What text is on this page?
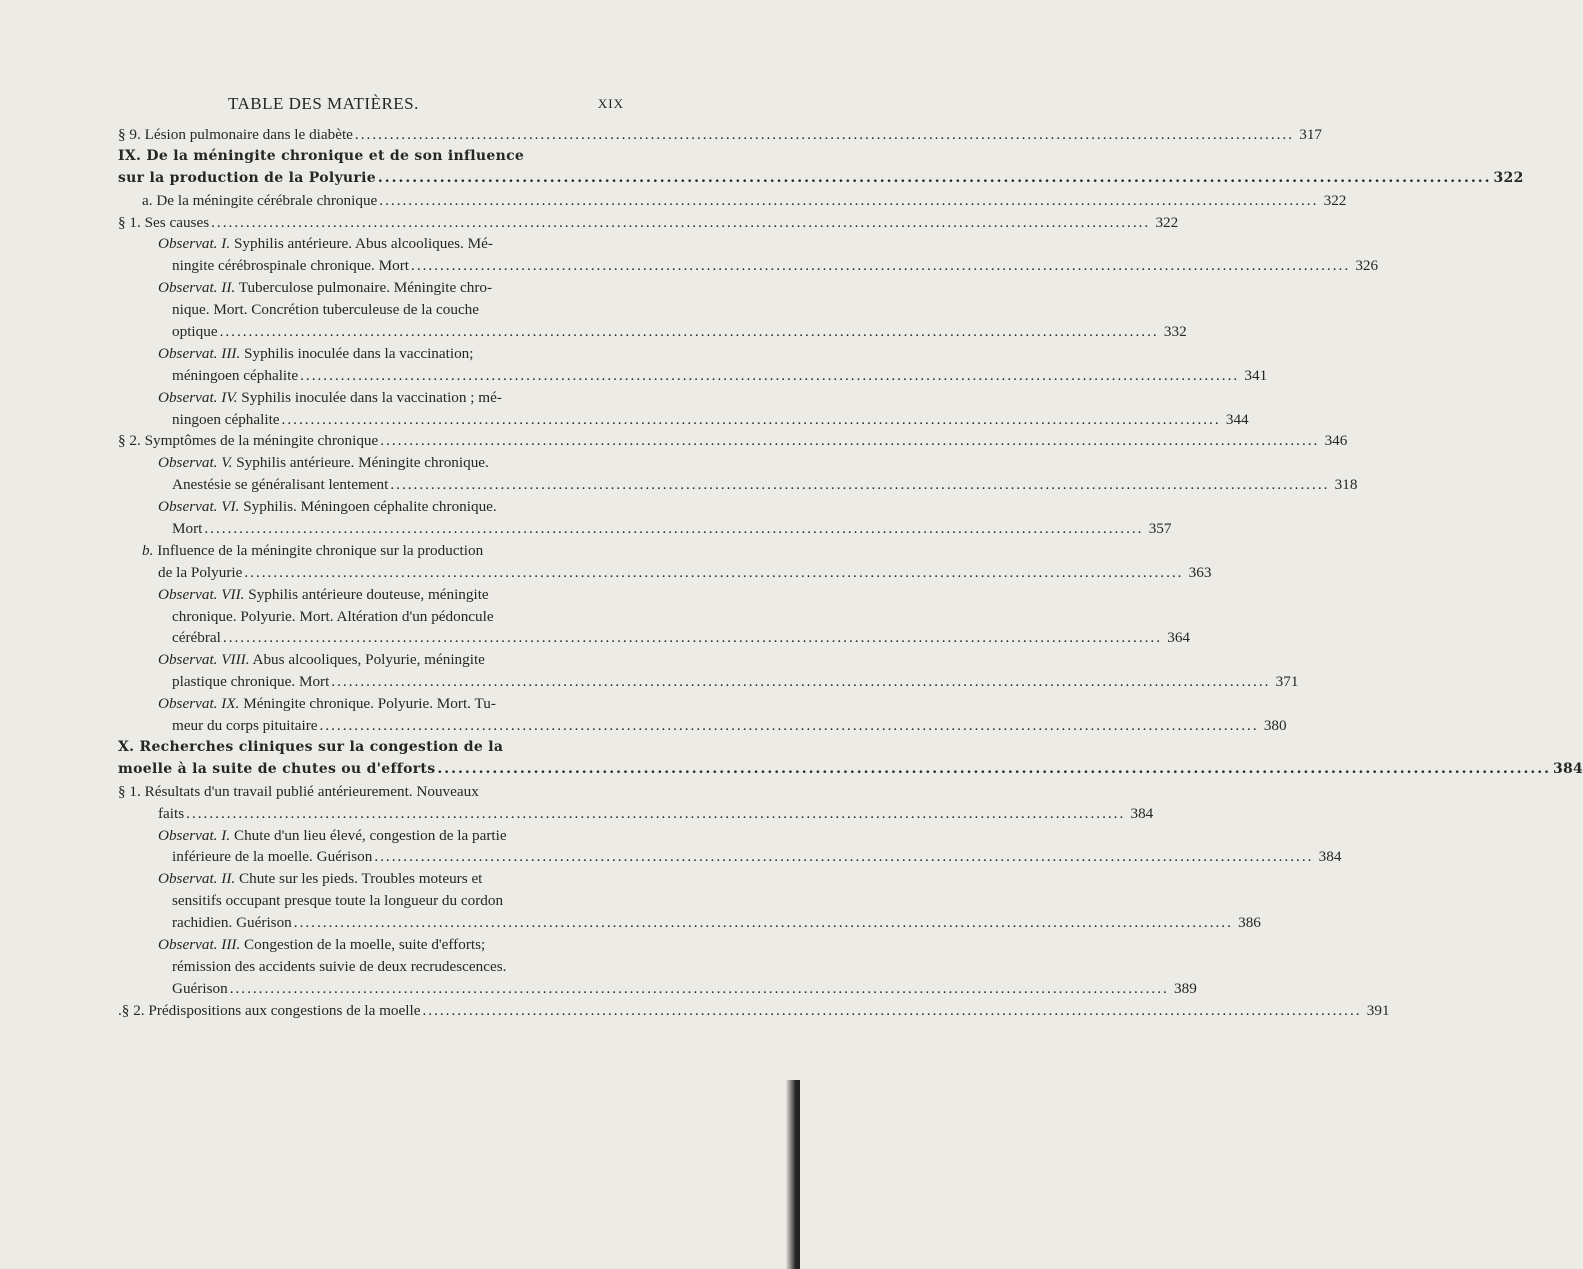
TABLE DES MATIÈRES.	XIX
§ 9. Lésion pulmonaire dans le diabète .....	317
IX. De la méningite chronique et de son influence
sur la production de la Polyurie .....	322
a. De la méningite cérébrale chronique .....	322
§ 1. Ses causes .....	322
Observat. I. Syphilis antérieure. Abus alcooliques. Mé-
ningite cérébrospinale chronique. Mort .....	326
Observat. II. Tuberculose pulmonaire. Méningite chro-
nique. Mort. Concrétion tuberculeuse de la couche
optique .....	332
Observat. III. Syphilis inoculée dans la vaccination;
méningoen céphalite .....	341
Observat. IV. Syphilis inoculée dans la vaccination ; mé-
ningoen céphalite .....	344
§ 2. Symptômes de la méningite chronique .....	346
Observat. V. Syphilis antérieure. Méningite chronique.
Anestésie se généralisant lentement .....	318
Observat. VI. Syphilis. Méningoen céphalite chronique.
Mort .....	357
b. Influence de la méningite chronique sur la production
de la Polyurie .....	363
Observat. VII. Syphilis antérieure douteuse, méningite
chronique. Polyurie. Mort. Altération d'un pédoncule
cérébral .....	364
Observat. VIII. Abus alcooliques, Polyurie, méningite
plastique chronique. Mort .....	371
Observat. IX. Méningite chronique. Polyurie. Mort. Tu-
meur du corps pituitaire .....	380
X. Recherches cliniques sur la congestion de la
moelle à la suite de chutes ou d'efforts .....	384
§ 1. Résultats d'un travail publié antérieurement. Nouveaux
faits .....	384
Observat. I. Chute d'un lieu élevé, congestion de la partie
inférieure de la moelle. Guérison .....	384
Observat. II. Chute sur les pieds. Troubles moteurs et
sensitifs occupant presque toute la longueur du cordon
rachidien. Guérison .....	386
Observat. III. Congestion de la moelle, suite d'efforts;
rémission des accidents suivie de deux recrudescences.
Guérison .....	389
.§ 2. Prédispositions aux congestions de la moelle .....	391
